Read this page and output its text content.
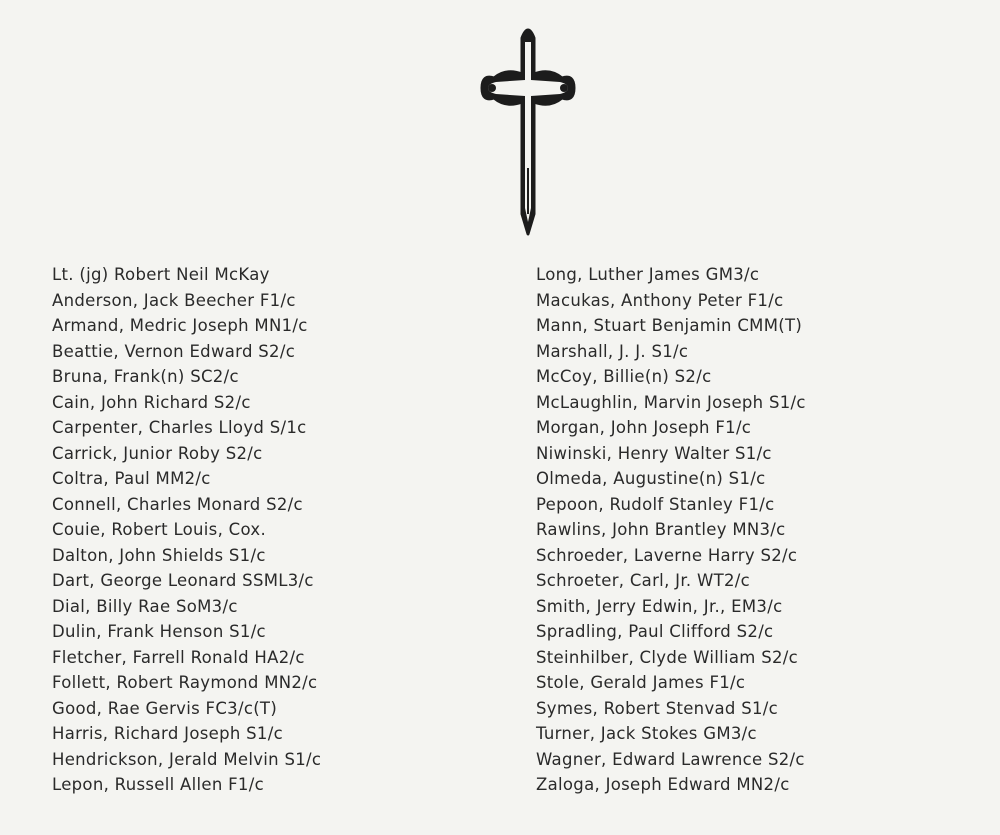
Lt. (jg) Robert Neil McKay
Anderson, Jack Beecher F1/c
Armand, Medric Joseph MN1/c
Beattie, Vernon Edward S2/c
Bruna, Frank(n) SC2/c
Cain, John Richard S2/c
Carpenter, Charles Lloyd S/1c
Carrick, Junior Roby S2/c
Coltra, Paul MM2/c
Connell, Charles Monard S2/c
Couie, Robert Louis, Cox.
Dalton, John Shields S1/c
Dart, George Leonard SSML3/c
Dial, Billy Rae SoM3/c
Dulin, Frank Henson S1/c
Fletcher, Farrell Ronald HA2/c
Follett, Robert Raymond MN2/c
Good, Rae Gervis FC3/c(T)
Harris, Richard Joseph S1/c
Hendrickson, Jerald Melvin S1/c
Lepon, Russell Allen F1/c
Long, Luther James GM3/c
Macukas, Anthony Peter F1/c
Mann, Stuart Benjamin CMM(T)
Marshall, J. J. S1/c
McCoy, Billie(n) S2/c
McLaughlin, Marvin Joseph S1/c
Morgan, John Joseph F1/c
Niwinski, Henry Walter S1/c
Olmeda, Augustine(n) S1/c
Pepoon, Rudolf Stanley F1/c
Rawlins, John Brantley MN3/c
Schroeder, Laverne Harry S2/c
Schroeter, Carl, Jr. WT2/c
Smith, Jerry Edwin, Jr., EM3/c
Spradling, Paul Clifford S2/c
Steinhilber, Clyde William S2/c
Stole, Gerald James F1/c
Symes, Robert Stenvad S1/c
Turner, Jack Stokes GM3/c
Wagner, Edward Lawrence S2/c
Zaloga, Joseph Edward MN2/c
